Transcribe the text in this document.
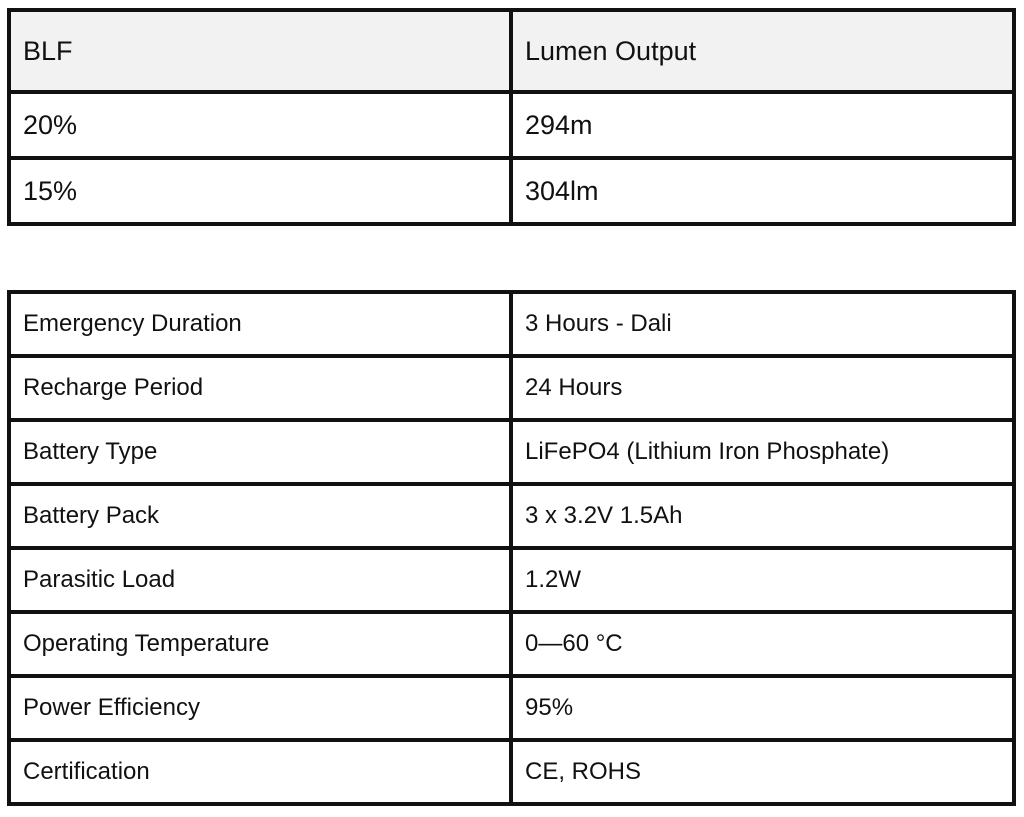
BLF	Lumen Output
20%	294m
15%	304lm
Emergency Duration	3 Hours - Dali
Recharge Period	24 Hours
Battery Type	LiFePO4 (Lithium Iron Phosphate)
Battery Pack	3 x 3.2V 1.5Ah
Parasitic Load	1.2W
Operating Temperature	0—60 °C
Power Efficiency	95%
Certification	CE, ROHS
